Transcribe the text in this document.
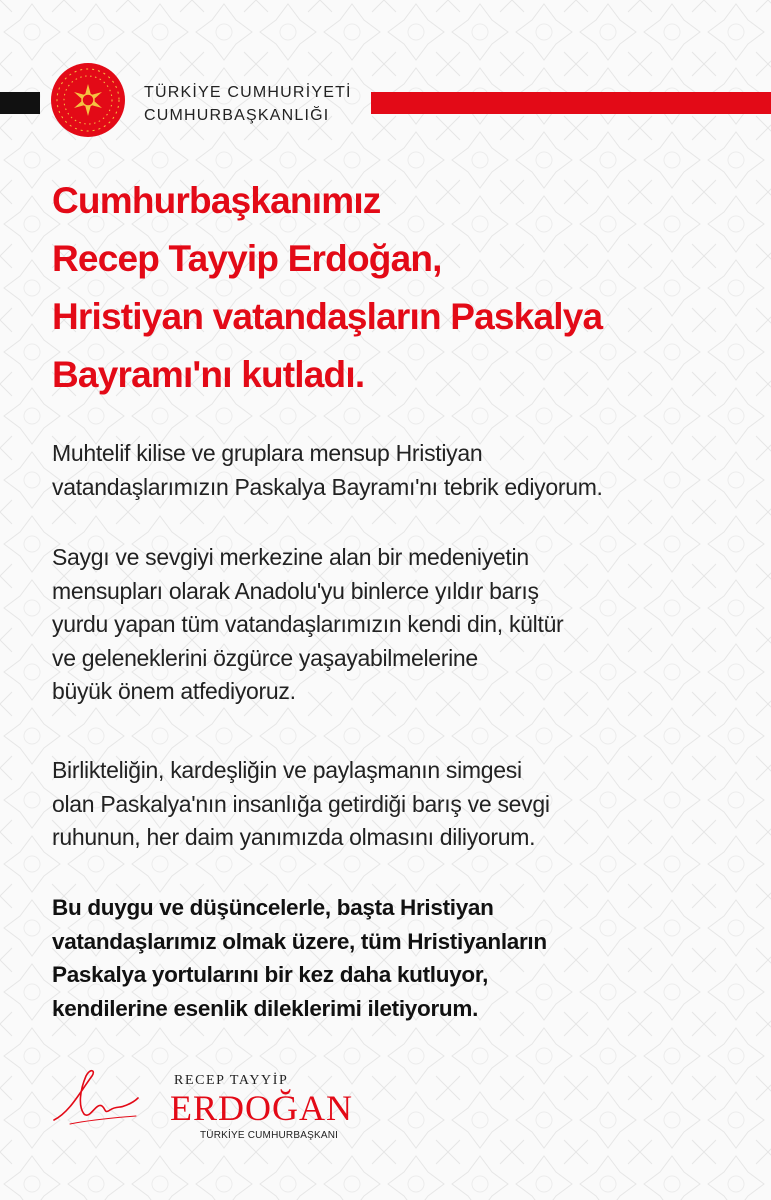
TÜRKİYE CUMHURİYETİ
CUMHURBAŞKANLIĞI
Cumhurbaşkanımız
Recep Tayyip Erdoğan,
Hristiyan vatandaşların Paskalya
Bayramı'nı kutladı.
Muhtelif kilise ve gruplara mensup Hristiyan
vatandaşlarımızın Paskalya Bayramı'nı tebrik ediyorum.
Saygı ve sevgiyi merkezine alan bir medeniyetin
mensupları olarak Anadolu'yu binlerce yıldır barış
yurdu yapan tüm vatandaşlarımızın kendi din, kültür
ve geleneklerini özgürce yaşayabilmelerine
büyük önem atfediyoruz.
Birlikteliğin, kardeşliğin ve paylaşmanın simgesi
olan Paskalya'nın insanlığa getirdiği barış ve sevgi
ruhunun, her daim yanımızda olmasını diliyorum.
Bu duygu ve düşüncelerle, başta Hristiyan
vatandaşlarımız olmak üzere, tüm Hristiyanların
Paskalya yortularını bir kez daha kutluyor,
kendilerine esenlik dileklerimi iletiyorum.
RECEP TAYYİP
ERDOĞAN
TÜRKİYE CUMHURBAŞKANI
